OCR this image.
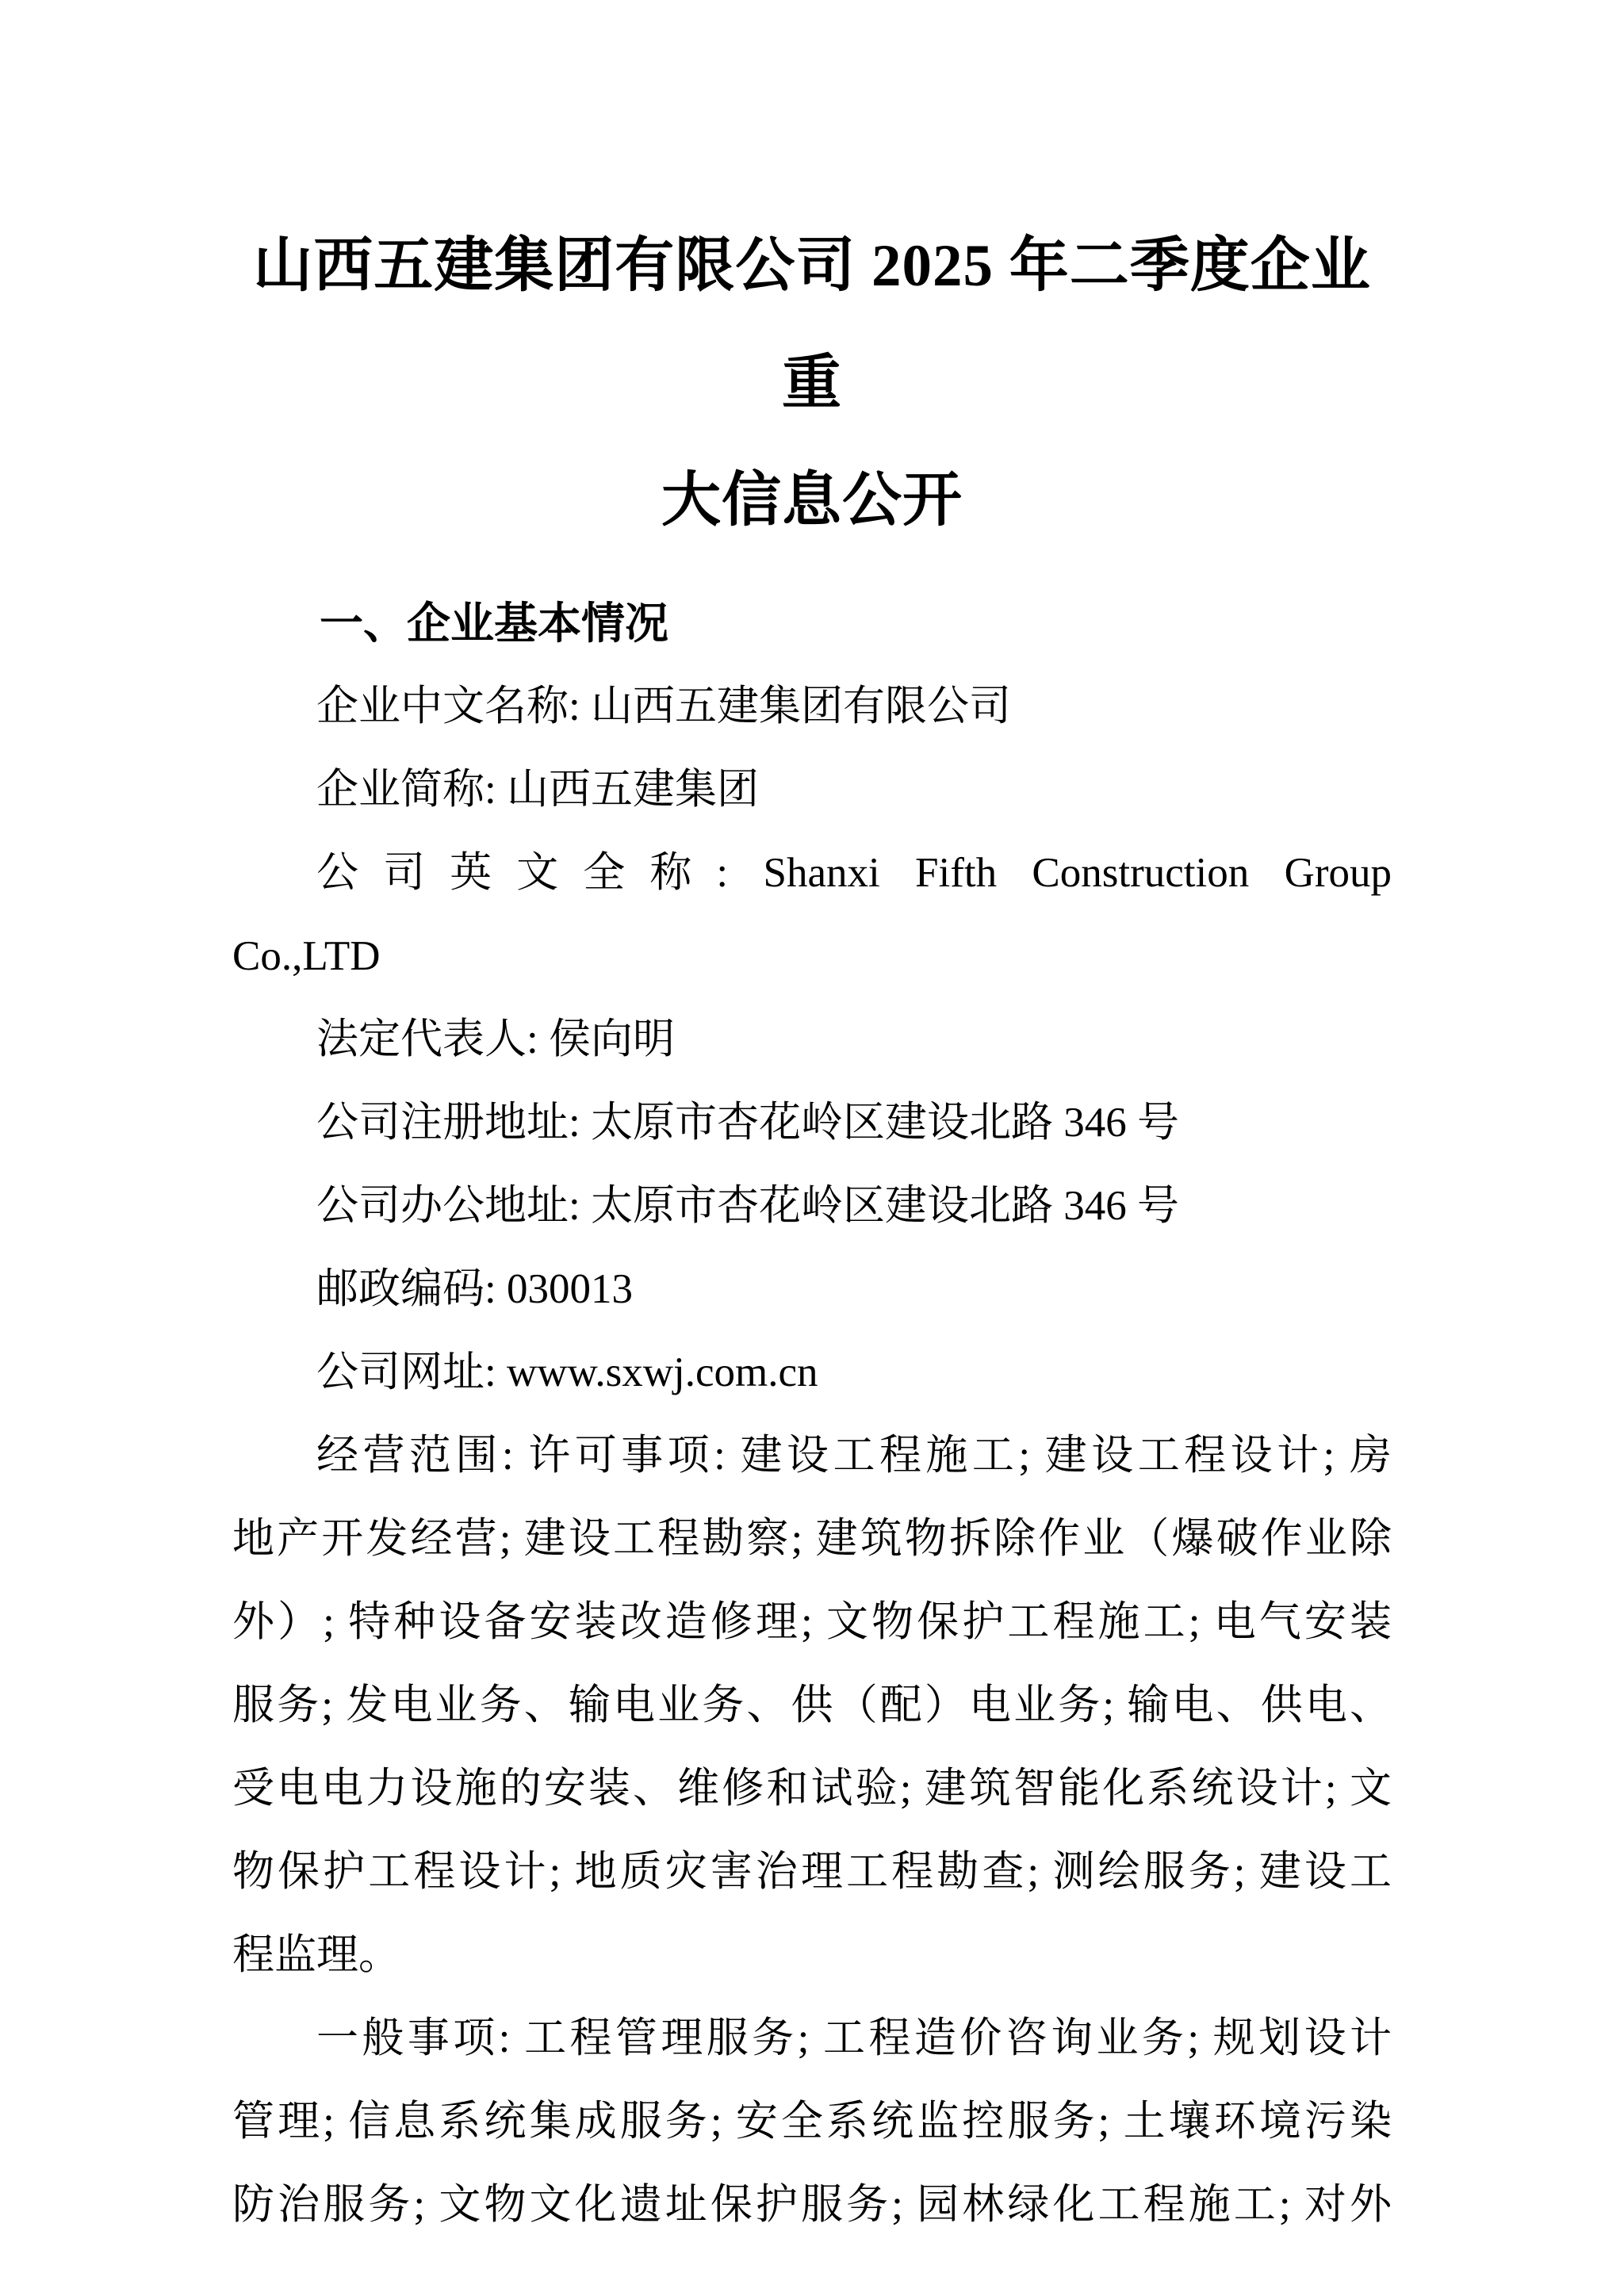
山西五建集团有限公司 2025 年二季度企业重
大信息公开
一、企业基本情况

企业中文名称: 山西五建集团有限公司

企业简称: 山西五建集团

公司英文全称: Shanxi Fifth Construction Group

Co.,LTD

法定代表人: 侯向明

公司注册地址: 太原市杏花岭区建设北路 346 号

公司办公地址: 太原市杏花岭区建设北路 346 号

邮政编码: 030013

公司网址: www.sxwj.com.cn

经营范围: 许可事项: 建设工程施工; 建设工程设计; 房

地产开发经营; 建设工程勘察; 建筑物拆除作业（爆破作业除

外）; 特种设备安装改造修理; 文物保护工程施工; 电气安装

服务; 发电业务、输电业务、供（配）电业务; 输电、供电、

受电电力设施的安装、维修和试验; 建筑智能化系统设计; 文

物保护工程设计; 地质灾害治理工程勘查; 测绘服务; 建设工

程监理。

一般事项: 工程管理服务; 工程造价咨询业务; 规划设计

管理; 信息系统集成服务; 安全系统监控服务; 土壤环境污染

防治服务; 文物文化遗址保护服务; 园林绿化工程施工; 对外
